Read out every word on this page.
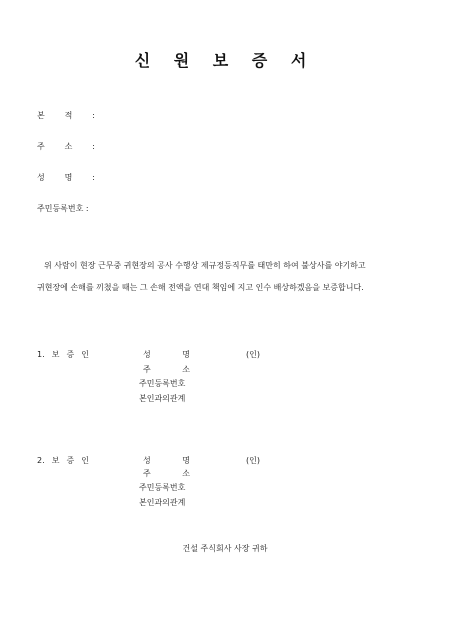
신 원 보 증 서
본 적 :
주 소 :
성 명 :
주민등록번호 :
위 사람이 현장 근무중 귀현장의 공사 수행상 제규정등직무를 태만히 하여 불상사를 야기하고
귀현장에 손해를 끼쳤을 때는 그 손해 전액을 연대 책임에 지고 인수 배상하겠음을 보증합니다.
1. 보 증 인	성 명	(인)
주 소
주민등록번호
본인과의관계
2. 보 증 인	성 명	(인)
주 소
주민등록번호
본인과의관계
건설 주식회사 사장 귀하
